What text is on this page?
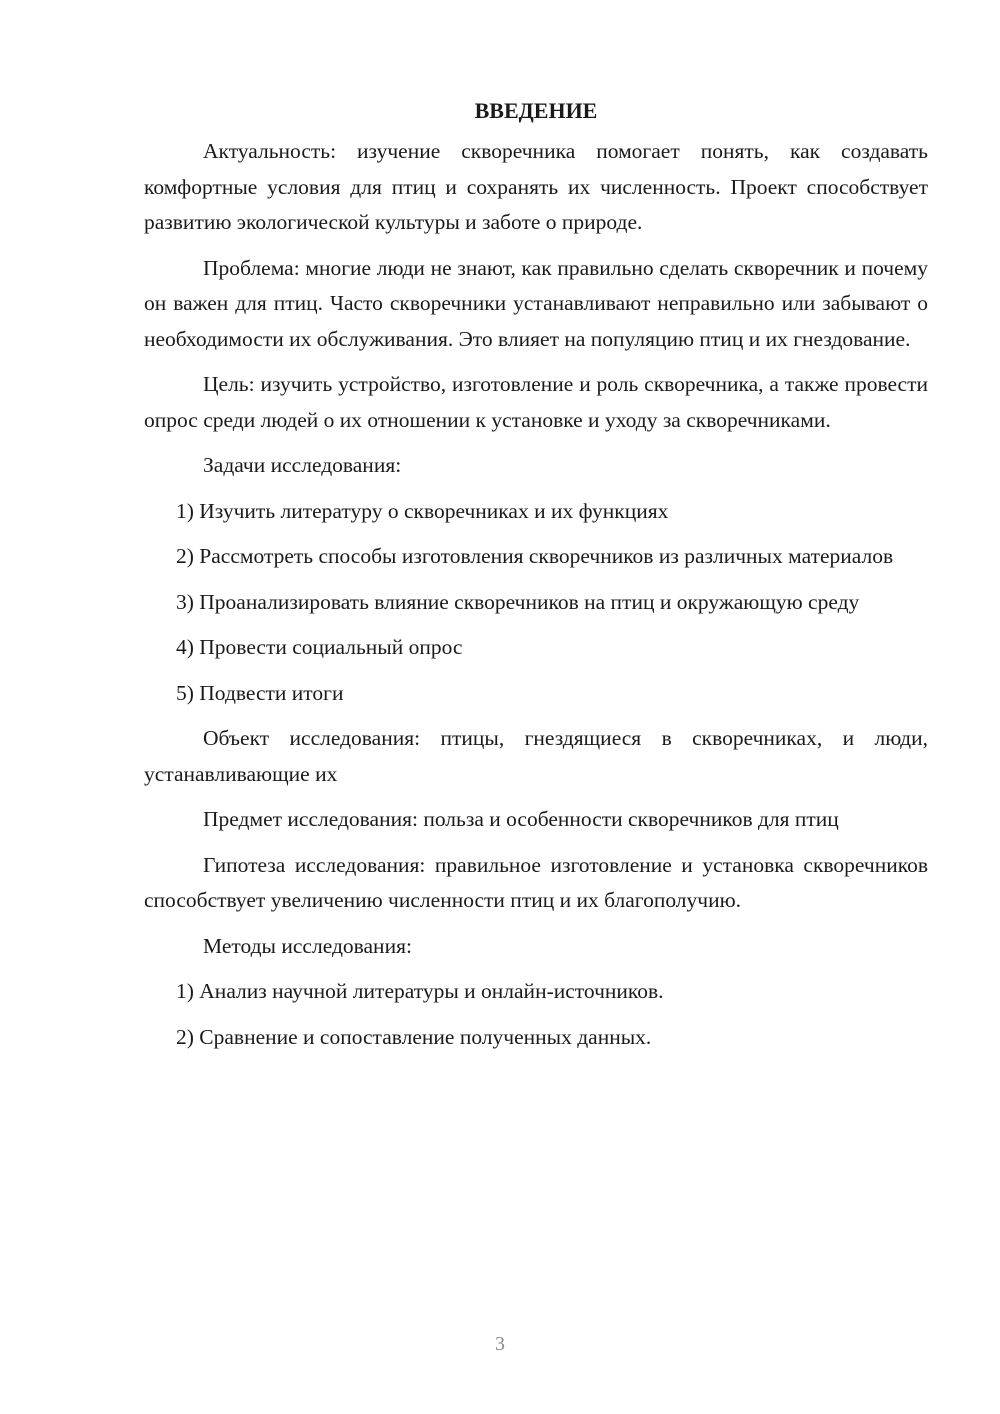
ВВЕДЕНИЕ

Актуальность: изучение скворечника помогает понять, как создавать комфортные условия для птиц и сохранять их численность. Проект способствует развитию экологической культуры и заботе о природе.

Проблема: многие люди не знают, как правильно сделать скворечник и почему он важен для птиц. Часто скворечники устанавливают неправильно или забывают о необходимости их обслуживания. Это влияет на популяцию птиц и их гнездование.

Цель: изучить устройство, изготовление и роль скворечника, а также провести опрос среди людей о их отношении к установке и уходу за скворечниками.

Задачи исследования:

1) Изучить литературу о скворечниках и их функциях

2) Рассмотреть способы изготовления скворечников из различных материалов

3) Проанализировать влияние скворечников на птиц и окружающую среду

4) Провести социальный опрос

5) Подвести итоги

Объект исследования: птицы, гнездящиеся в скворечниках, и люди, устанавливающие их

Предмет исследования: польза и особенности скворечников для птиц

Гипотеза исследования: правильное изготовление и установка скворечников способствует увеличению численности птиц и их благополучию.

Методы исследования:

1) Анализ научной литературы и онлайн-источников.

2) Сравнение и сопоставление полученных данных.

3
